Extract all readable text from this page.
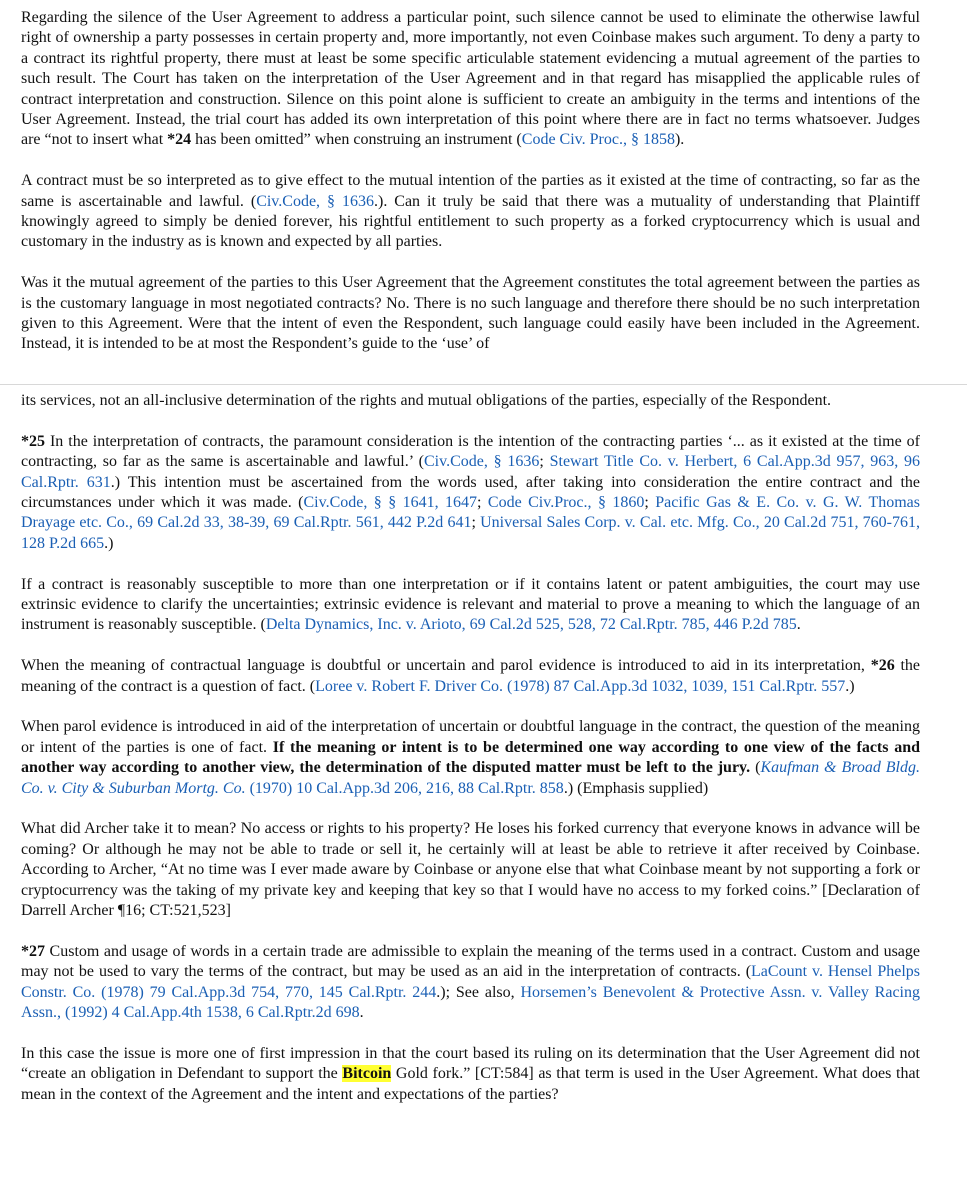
Regarding the silence of the User Agreement to address a particular point, such silence cannot be used to eliminate the otherwise lawful right of ownership a party possesses in certain property and, more importantly, not even Coinbase makes such argument. To deny a party to a contract its rightful property, there must at least be some specific articulable statement evidencing a mutual agreement of the parties to such result. The Court has taken on the interpretation of the User Agreement and in that regard has misapplied the applicable rules of contract interpretation and construction. Silence on this point alone is sufficient to create an ambiguity in the terms and intentions of the User Agreement. Instead, the trial court has added its own interpretation of this point where there are in fact no terms whatsoever. Judges are “not to insert what *24 has been omitted” when construing an instrument (Code Civ. Proc., § 1858).

A contract must be so interpreted as to give effect to the mutual intention of the parties as it existed at the time of contracting, so far as the same is ascertainable and lawful. (Civ.Code, § 1636.). Can it truly be said that there was a mutuality of understanding that Plaintiff knowingly agreed to simply be denied forever, his rightful entitlement to such property as a forked cryptocurrency which is usual and customary in the industry as is known and expected by all parties.

Was it the mutual agreement of the parties to this User Agreement that the Agreement constitutes the total agreement between the parties as is the customary language in most negotiated contracts? No. There is no such language and therefore there should be no such interpretation given to this Agreement. Were that the intent of even the Respondent, such language could easily have been included in the Agreement. Instead, it is intended to be at most the Respondent’s guide to the ‘use’ of

its services, not an all-inclusive determination of the rights and mutual obligations of the parties, especially of the Respondent.

*25 In the interpretation of contracts, the paramount consideration is the intention of the contracting parties ‘... as it existed at the time of contracting, so far as the same is ascertainable and lawful.’ (Civ.Code, § 1636; Stewart Title Co. v. Herbert, 6 Cal.App.3d 957, 963, 96 Cal.Rptr. 631.) This intention must be ascertained from the words used, after taking into consideration the entire contract and the circumstances under which it was made. (Civ.Code, § § 1641, 1647; Code Civ.Proc., § 1860; Pacific Gas & E. Co. v. G. W. Thomas Drayage etc. Co., 69 Cal.2d 33, 38-39, 69 Cal.Rptr. 561, 442 P.2d 641; Universal Sales Corp. v. Cal. etc. Mfg. Co., 20 Cal.2d 751, 760-761, 128 P.2d 665.)

If a contract is reasonably susceptible to more than one interpretation or if it contains latent or patent ambiguities, the court may use extrinsic evidence to clarify the uncertainties; extrinsic evidence is relevant and material to prove a meaning to which the language of an instrument is reasonably susceptible. (Delta Dynamics, Inc. v. Arioto, 69 Cal.2d 525, 528, 72 Cal.Rptr. 785, 446 P.2d 785.

When the meaning of contractual language is doubtful or uncertain and parol evidence is introduced to aid in its interpretation, *26 the meaning of the contract is a question of fact. (Loree v. Robert F. Driver Co. (1978) 87 Cal.App.3d 1032, 1039, 151 Cal.Rptr. 557.)

When parol evidence is introduced in aid of the interpretation of uncertain or doubtful language in the contract, the question of the meaning or intent of the parties is one of fact. If the meaning or intent is to be determined one way according to one view of the facts and another way according to another view, the determination of the disputed matter must be left to the jury. (Kaufman & Broad Bldg. Co. v. City & Suburban Mortg. Co. (1970) 10 Cal.App.3d 206, 216, 88 Cal.Rptr. 858.) (Emphasis supplied)

What did Archer take it to mean? No access or rights to his property? He loses his forked currency that everyone knows in advance will be coming? Or although he may not be able to trade or sell it, he certainly will at least be able to retrieve it after received by Coinbase. According to Archer, “At no time was I ever made aware by Coinbase or anyone else that what Coinbase meant by not supporting a fork or cryptocurrency was the taking of my private key and keeping that key so that I would have no access to my forked coins.” [Declaration of Darrell Archer ¶16; CT:521,523]

*27 Custom and usage of words in a certain trade are admissible to explain the meaning of the terms used in a contract. Custom and usage may not be used to vary the terms of the contract, but may be used as an aid in the interpretation of contracts. (LaCount v. Hensel Phelps Constr. Co. (1978) 79 Cal.App.3d 754, 770, 145 Cal.Rptr. 244.); See also, Horsemen’s Benevolent & Protective Assn. v. Valley Racing Assn., (1992) 4 Cal.App.4th 1538, 6 Cal.Rptr.2d 698.

In this case the issue is more one of first impression in that the court based its ruling on its determination that the User Agreement did not “create an obligation in Defendant to support the Bitcoin Gold fork.” [CT:584] as that term is used in the User Agreement. What does that mean in the context of the Agreement and the intent and expectations of the parties?
